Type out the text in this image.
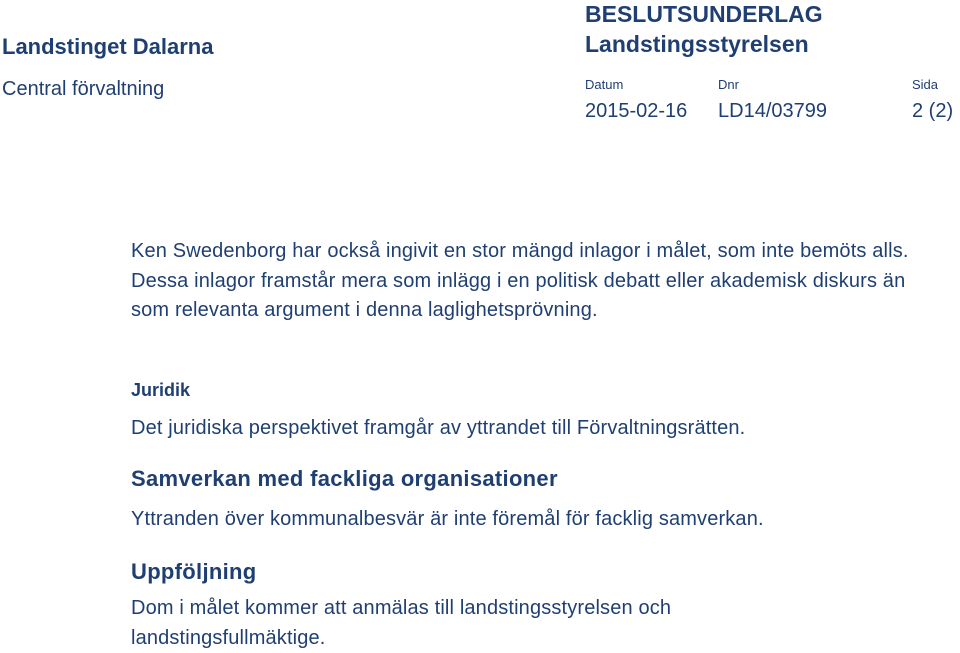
Landstinget Dalarna
Central förvaltning
BESLUTSUNDERLAG
Landstingsstyrelsen
Datum	Dnr	Sida
2015-02-16 LD14/03799	2 (2)
Ken Swedenborg har också ingivit en stor mängd inlagor i målet, som inte bemöts alls. Dessa inlagor framstår mera som inlägg i en politisk debatt eller akademisk diskurs än som relevanta argument i denna laglighetsprövning.
Juridik
Det juridiska perspektivet framgår av yttrandet till Förvaltningsrätten.
Samverkan med fackliga organisationer
Yttranden över kommunalbesvär är inte föremål för facklig samverkan.
Uppföljning
Dom i målet kommer att anmälas till landstingsstyrelsen och landstingsfullmäktige.
